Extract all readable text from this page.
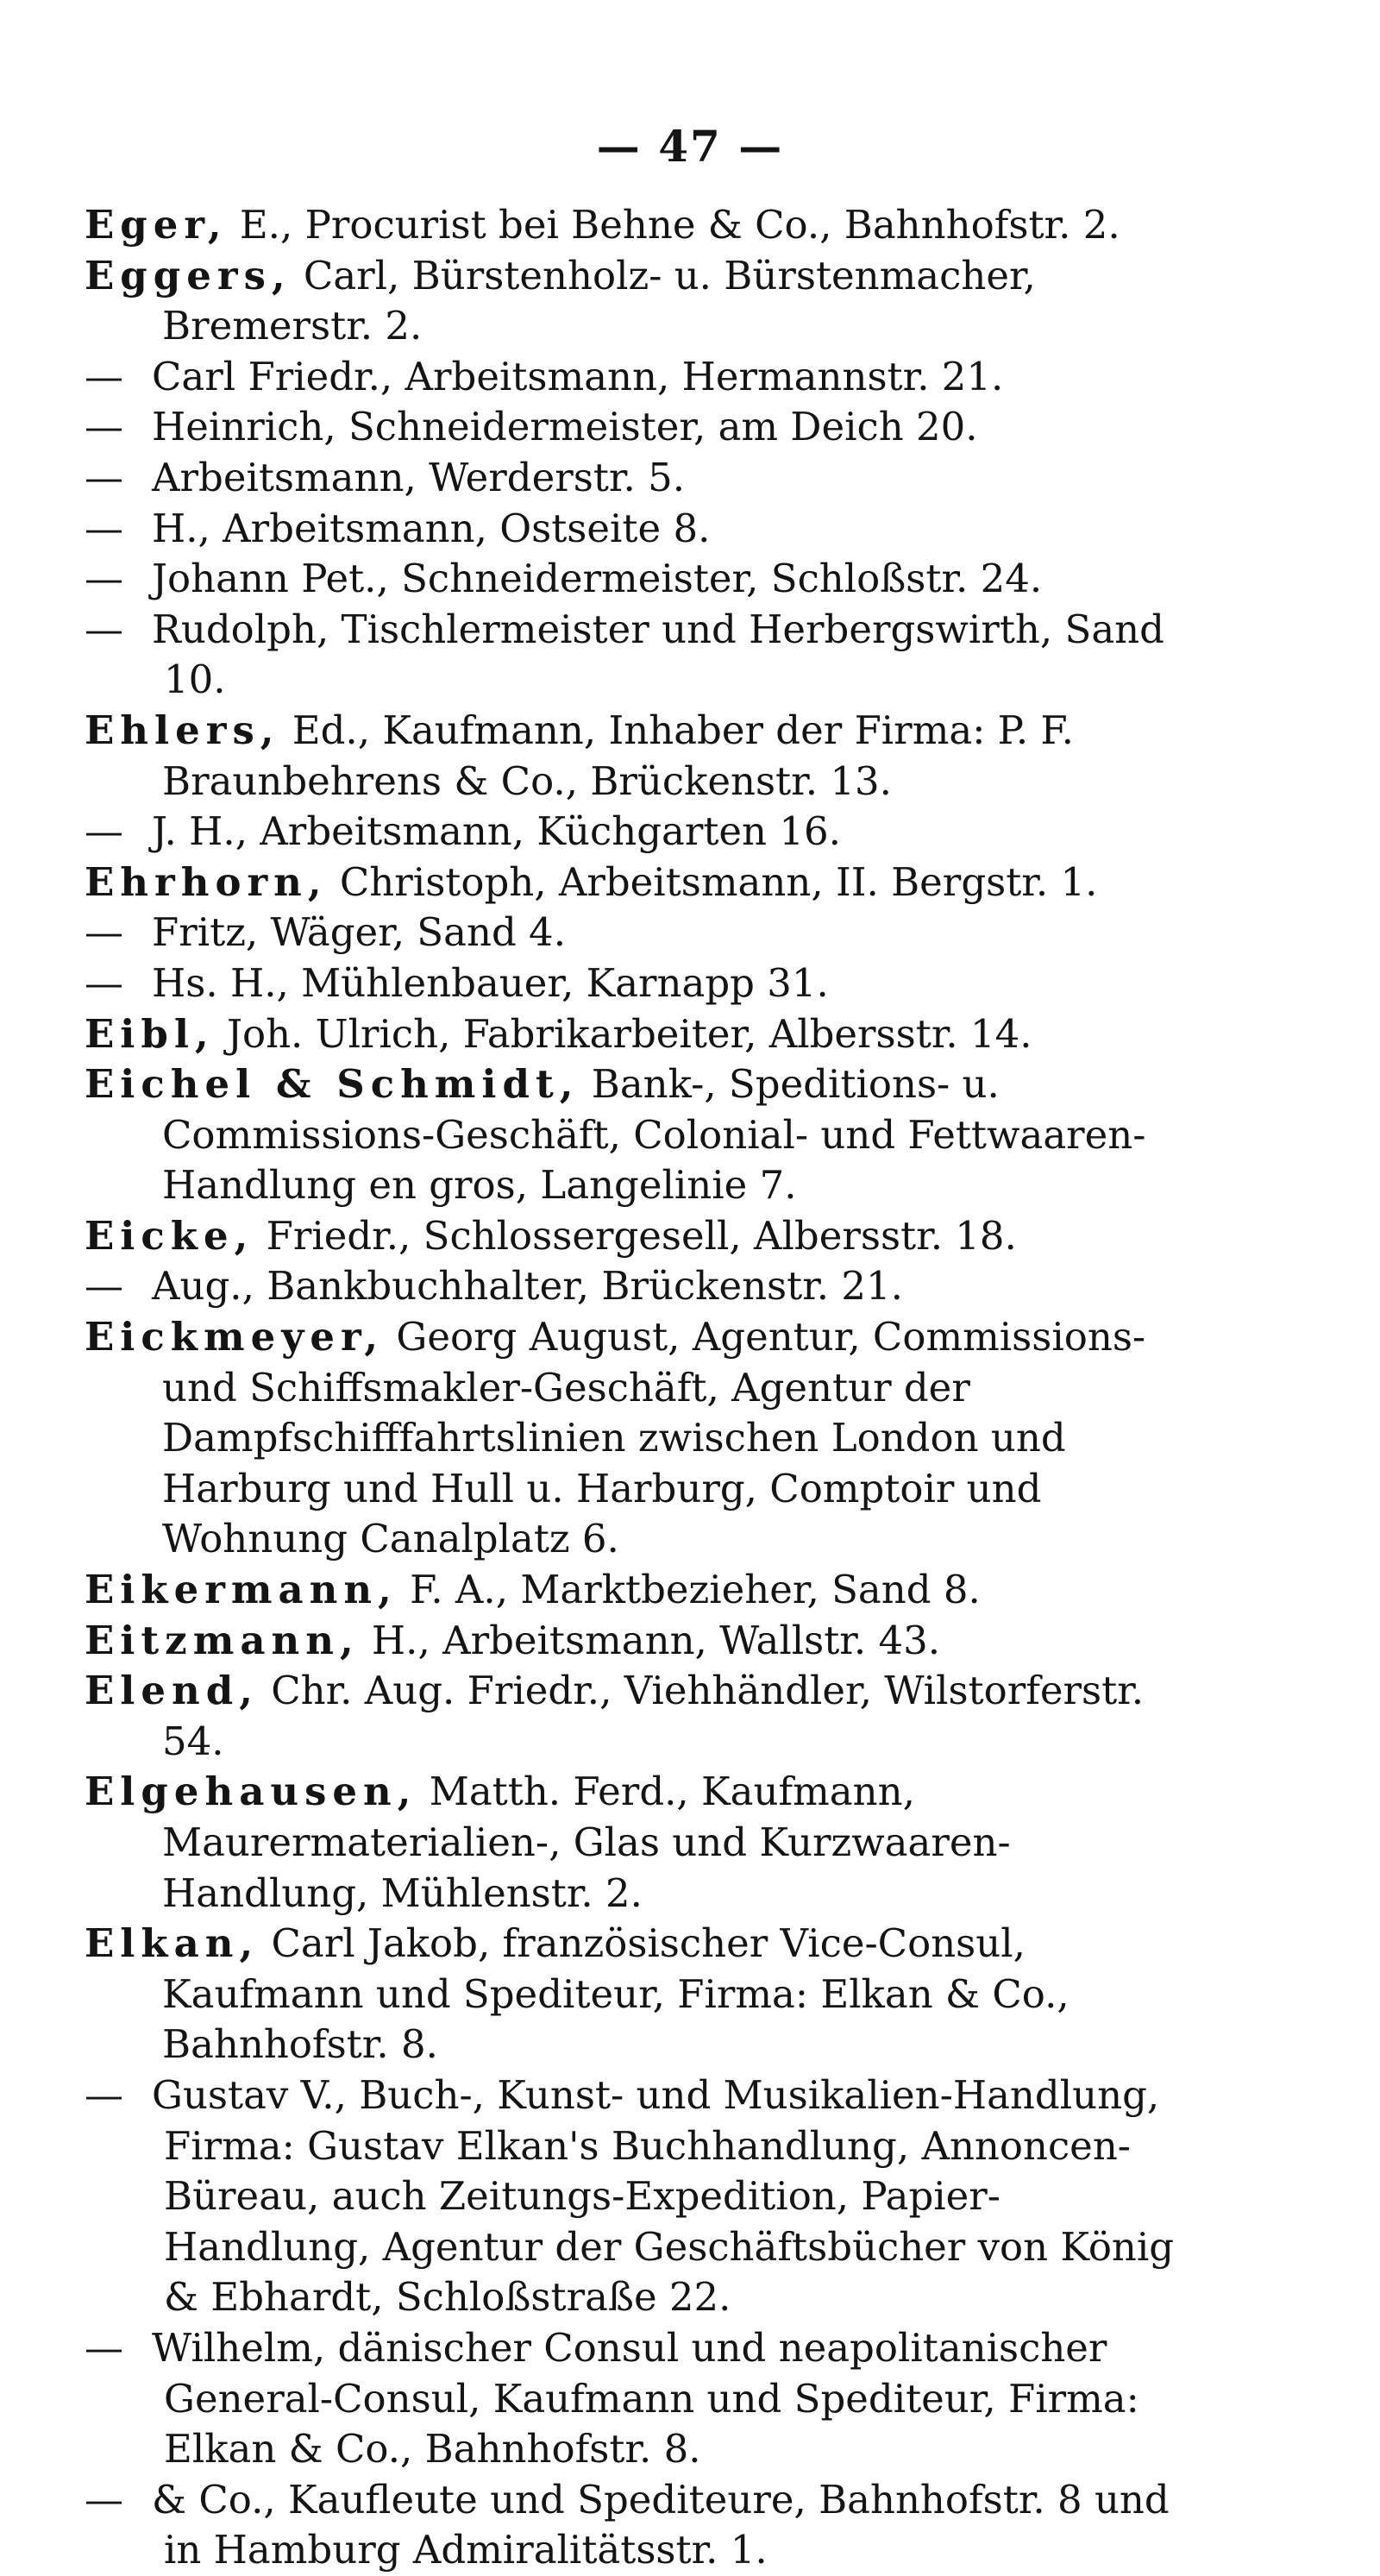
— 47 —
Eger, E., Procurist bei Behne & Co., Bahnhofstr. 2.
Eggers, Carl, Bürstenholz- u. Bürstenmacher, Bremerstr. 2.
— Carl Friedr., Arbeitsmann, Hermannstr. 21.
— Heinrich, Schneidermeister, am Deich 20.
— Arbeitsmann, Werderstr. 5.
— H., Arbeitsmann, Ostseite 8.
— Johann Pet., Schneidermeister, Schloßstr. 24.
— Rudolph, Tischlermeister und Herbergswirth, Sand 10.
Ehlers, Ed., Kaufmann, Inhaber der Firma: P. F. Braunbehrens & Co., Brückenstr. 13.
— J. H., Arbeitsmann, Küchgarten 16.
Ehrhorn, Christoph, Arbeitsmann, II. Bergstr. 1.
— Fritz, Wäger, Sand 4.
— Hs. H., Mühlenbauer, Karnapp 31.
Eibl, Joh. Ulrich, Fabrikarbeiter, Albersstr. 14.
Eichel & Schmidt, Bank-, Speditions- u. Commissions-Geschäft, Colonial- und Fettwaaren-Handlung en gros, Langelinie 7.
Eicke, Friedr., Schlossergesell, Albersstr. 18.
— Aug., Bankbuchhalter, Brückenstr. 21.
Eickmeyer, Georg August, Agentur, Commissions- und Schiffsmakler-Geschäft, Agentur der Dampfschifffahrtslinien zwischen London und Harburg und Hull u. Harburg, Comptoir und Wohnung Canalplatz 6.
Eikermann, F. A., Marktbezieher, Sand 8.
Eitzmann, H., Arbeitsmann, Wallstr. 43.
Elend, Chr. Aug. Friedr., Viehhändler, Wilstorferstr. 54.
Elgehausen, Matth. Ferd., Kaufmann, Maurermaterialien-, Glas und Kurzwaaren-Handlung, Mühlenstr. 2.
Elkan, Carl Jakob, französischer Vice-Consul, Kaufmann und Spediteur, Firma: Elkan & Co., Bahnhofstr. 8.
— Gustav V., Buch-, Kunst- und Musikalien-Handlung, Firma: Gustav Elkan's Buchhandlung, Annoncen-Büreau, auch Zeitungs-Expedition, Papier-Handlung, Agentur der Geschäftsbücher von König & Ebhardt, Schloßstraße 22.
— Wilhelm, dänischer Consul und neapolitanischer General-Consul, Kaufmann und Spediteur, Firma: Elkan & Co., Bahnhofstr. 8.
— & Co., Kaufleute und Spediteure, Bahnhofstr. 8 und in Hamburg Admiralitätsstr. 1.
